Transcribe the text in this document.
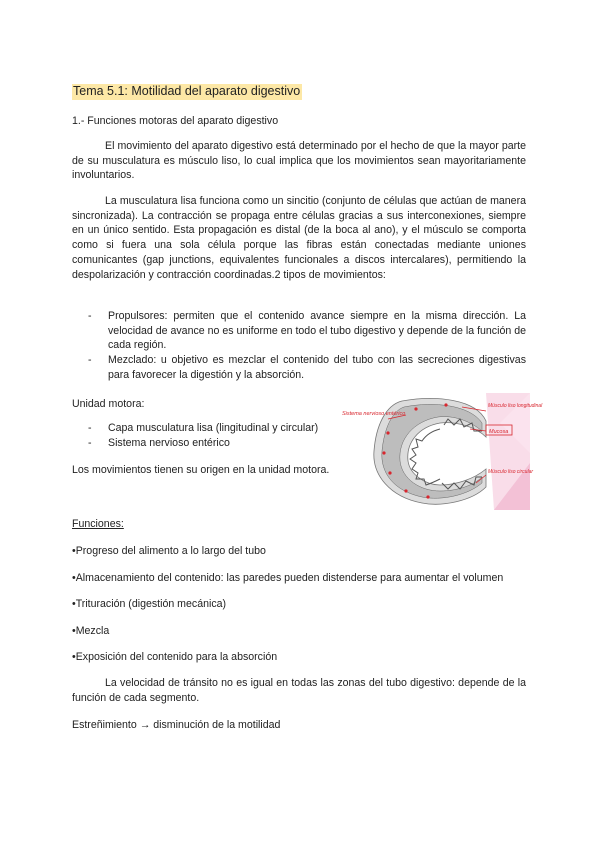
Tema 5.1: Motilidad del aparato digestivo

1.- Funciones motoras del aparato digestivo

El movimiento del aparato digestivo está determinado por el hecho de que la mayor parte de su musculatura es músculo liso, lo cual implica que los movimientos sean mayoritariamente involuntarios.

La musculatura lisa funciona como un sincitio (conjunto de células que actúan de manera sincronizada). La contracción se propaga entre células gracias a sus interconexiones, siempre en un único sentido. Esta propagación es distal (de la boca al ano), y el músculo se comporta como si fuera una sola célula porque las fibras están conectadas mediante uniones comunicantes (gap junctions, equivalentes funcionales a discos intercalares), permitiendo la despolarización y contracción coordinadas.2 tipos de movimientos:

- Propulsores: permiten que el contenido avance siempre en la misma dirección. La velocidad de avance no es uniforme en todo el tubo digestivo y depende de la función de cada región.
- Mezclado: u objetivo es mezclar el contenido del tubo con las secreciones digestivas para favorecer la digestión y la absorción.

Unidad motora:

- Capa musculatura lisa (lingitudinal y circular)
- Sistema nervioso entérico

Los movimientos tienen su origen en la unidad motora.

Sistema nervioso entérico
Músculo liso longitudinal
Mucosa
Músculo liso circular

Funciones:

•Progreso del alimento a lo largo del tubo

•Almacenamiento del contenido: las paredes pueden distenderse para aumentar el volumen

•Trituración (digestión mecánica)

•Mezcla

•Exposición del contenido para la absorción

La velocidad de tránsito no es igual en todas las zonas del tubo digestivo: depende de la función de cada segmento.

Estreñimiento → disminución de la motilidad
